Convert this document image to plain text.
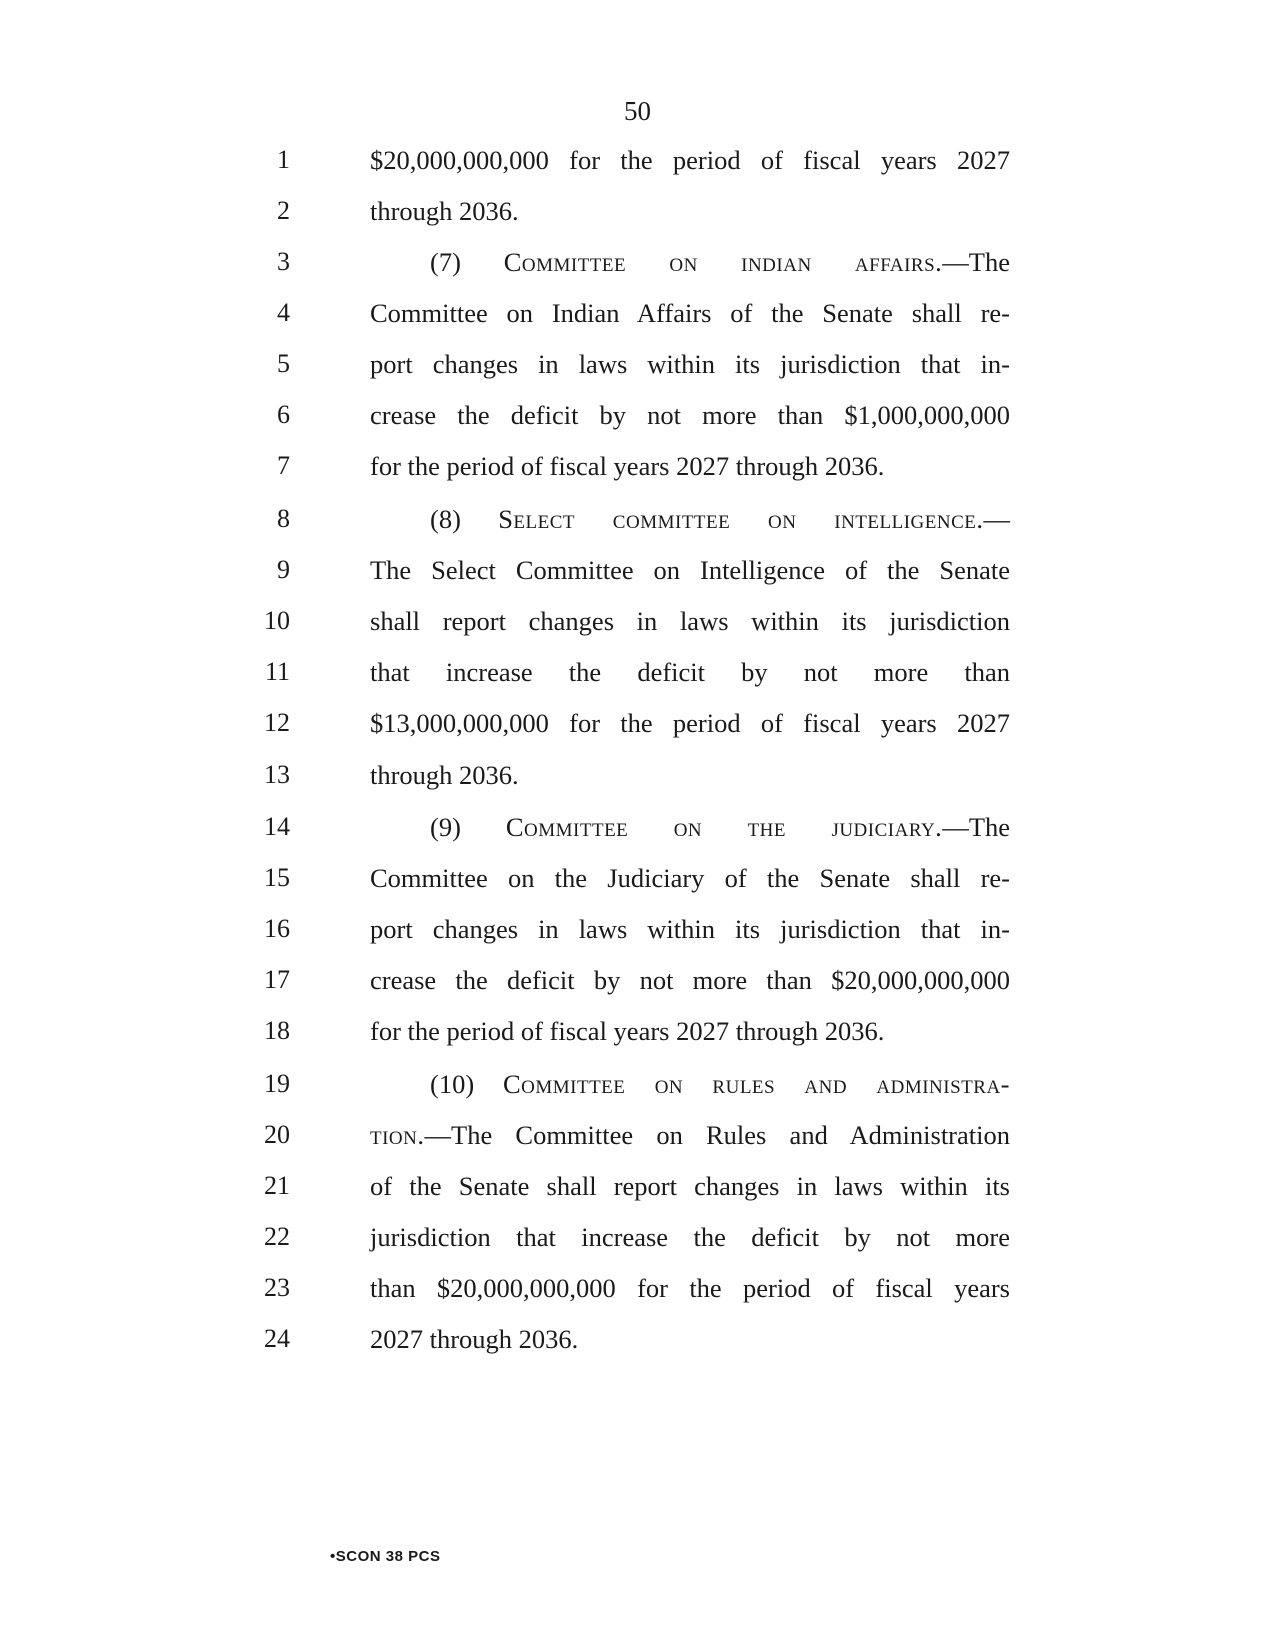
50
1	$20,000,000,000 for the period of fiscal years 2027
2	through 2036.
3	(7) Committee on indian affairs.—The
4	Committee on Indian Affairs of the Senate shall re-
5	port changes in laws within its jurisdiction that in-
6	crease the deficit by not more than $1,000,000,000
7	for the period of fiscal years 2027 through 2036.
8	(8) Select committee on intelligence.—
9	The Select Committee on Intelligence of the Senate
10	shall report changes in laws within its jurisdiction
11	that increase the deficit by not more than
12	$13,000,000,000 for the period of fiscal years 2027
13	through 2036.
14	(9) Committee on the judiciary.—The
15	Committee on the Judiciary of the Senate shall re-
16	port changes in laws within its jurisdiction that in-
17	crease the deficit by not more than $20,000,000,000
18	for the period of fiscal years 2027 through 2036.
19	(10) Committee on rules and administra-
20	tion.—The Committee on Rules and Administration
21	of the Senate shall report changes in laws within its
22	jurisdiction that increase the deficit by not more
23	than $20,000,000,000 for the period of fiscal years
24	2027 through 2036.
•SCON 38 PCS
